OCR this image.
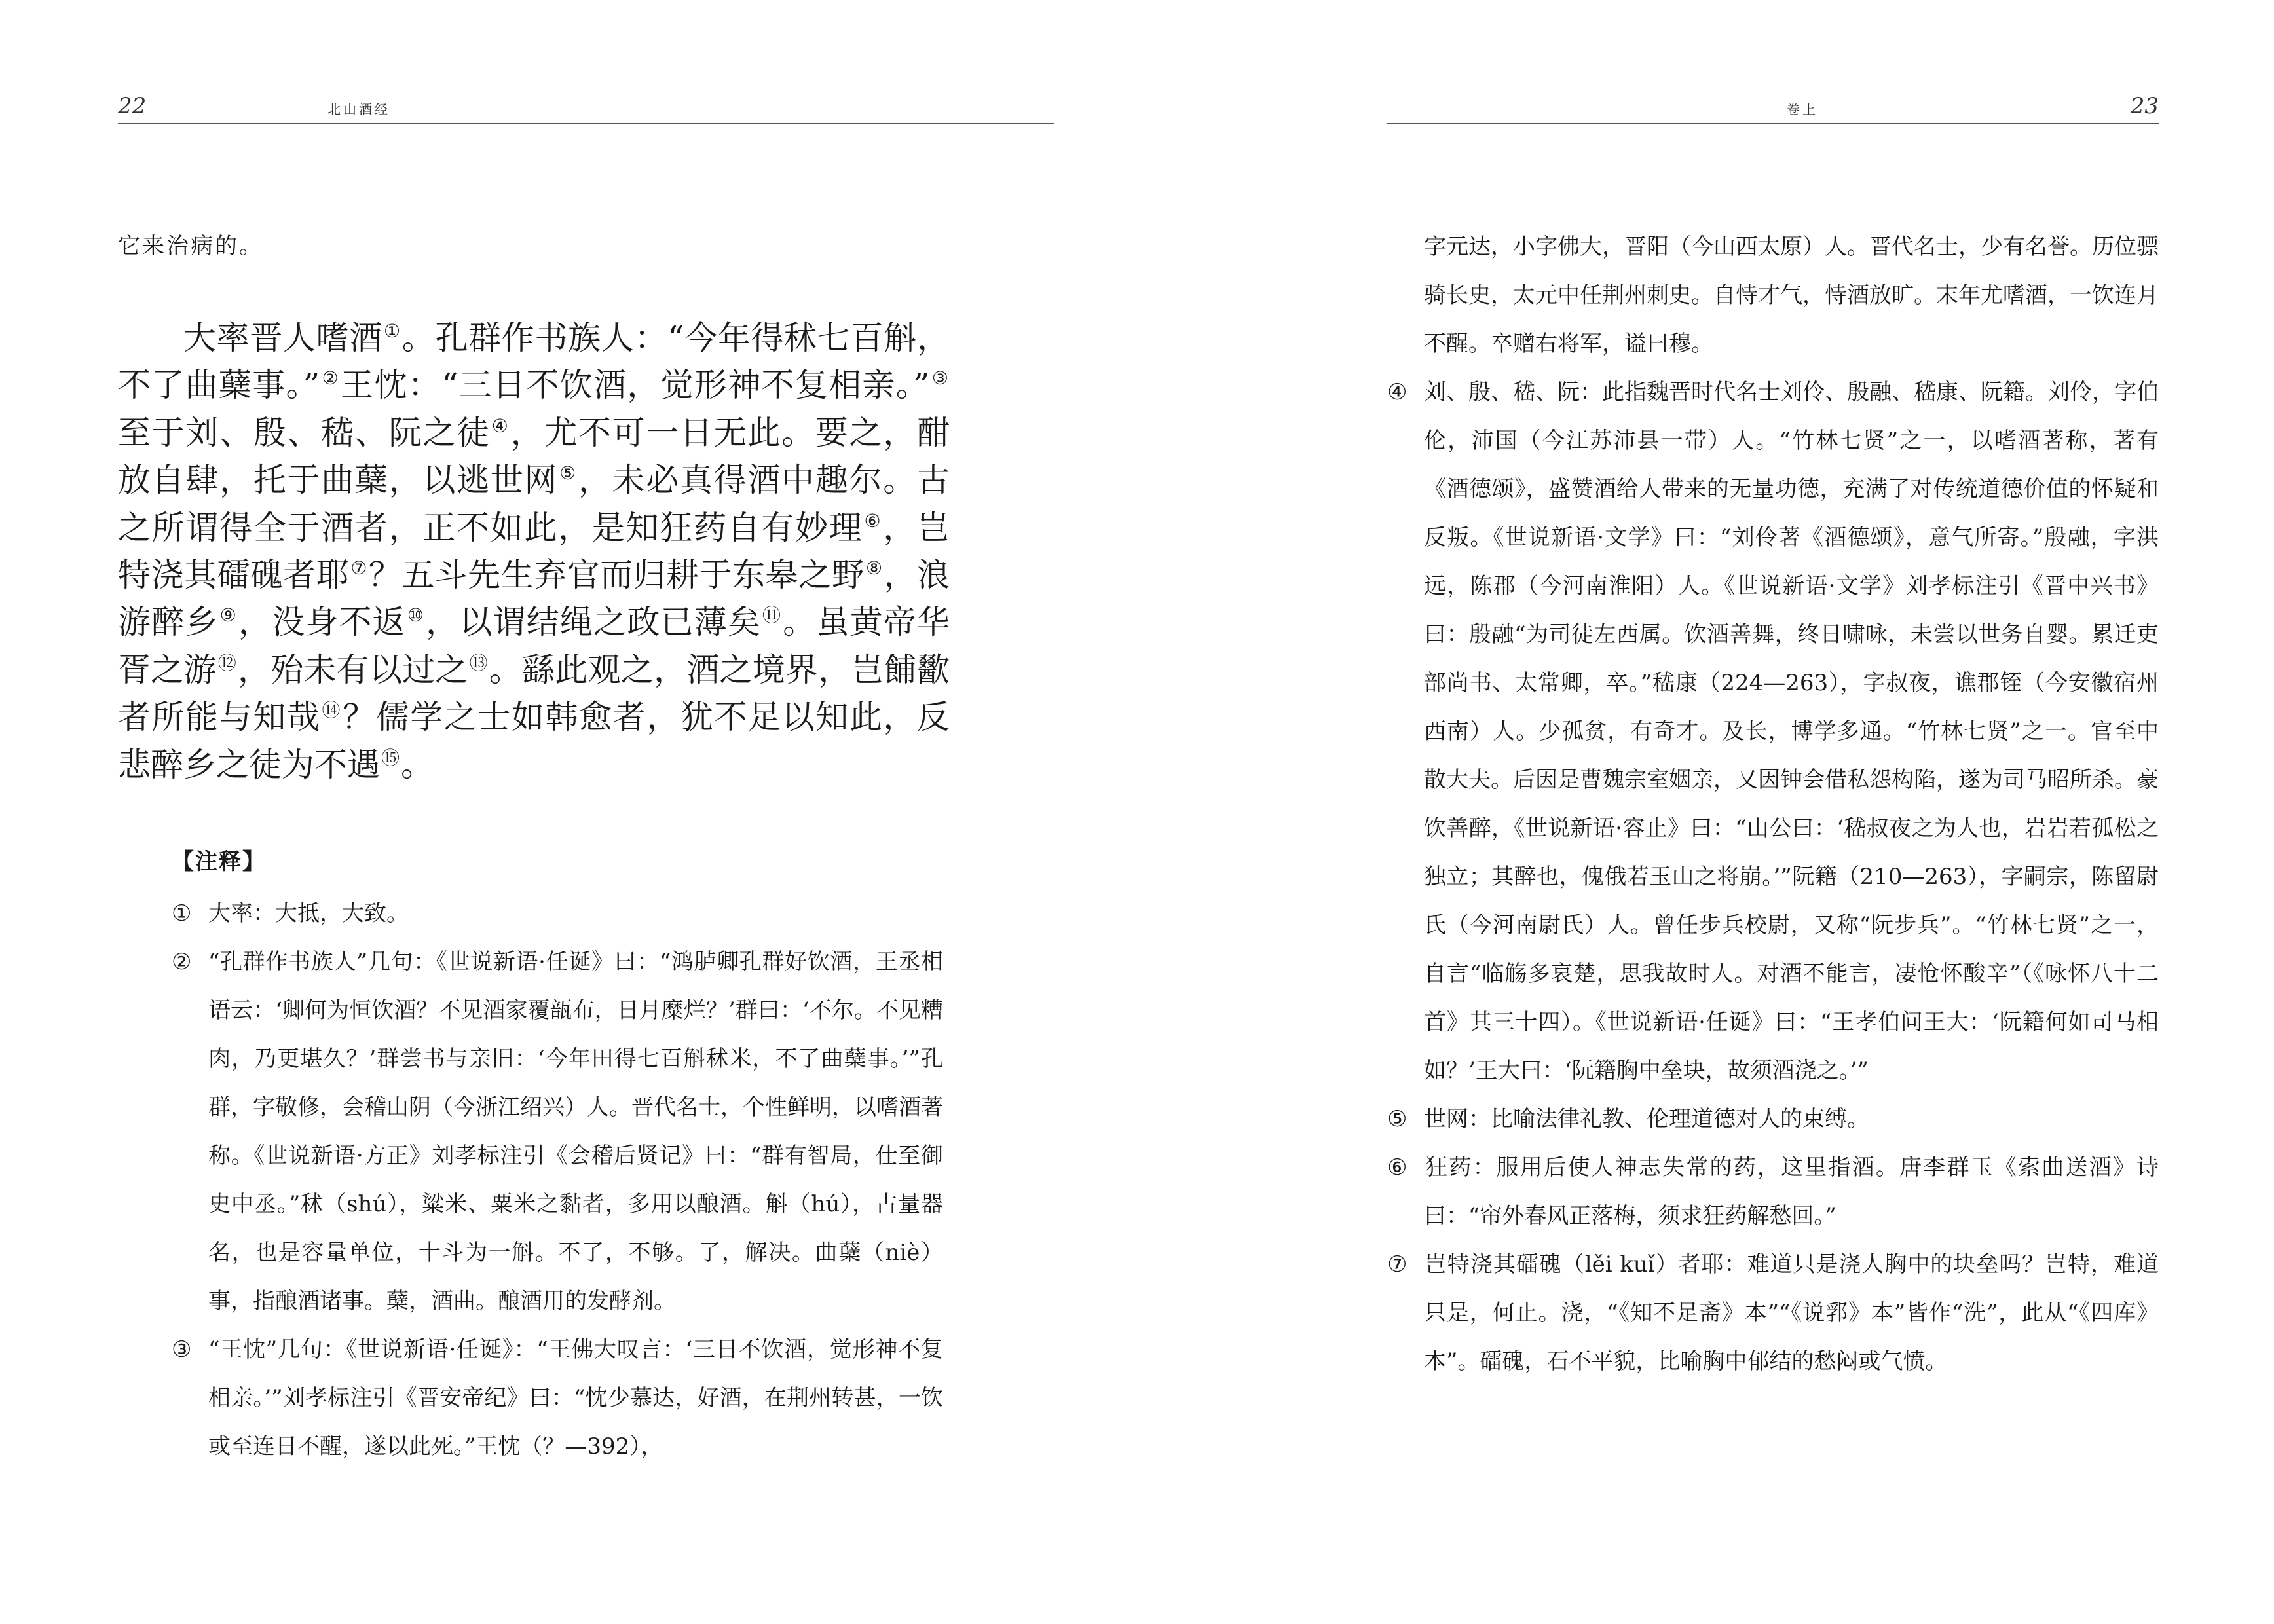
22	北山酒经
它来治病的。

大率晋人嗜酒①。孔群作书族人：“今年得秫七百斛，不了曲蘖事。”②王忱：“三日不饮酒，觉形神不复相亲。”③至于刘、殷、嵇、阮之徒④，尤不可一日无此。要之，酣放自肆，托于曲蘖，以逃世网⑤，未必真得酒中趣尔。古之所谓得全于酒者，正不如此，是知狂药自有妙理⑥，岂特浇其礌磈者耶⑦？五斗先生弃官而归耕于东皋之野⑧，浪游醉乡⑨，没身不返⑩，以谓结绳之政已薄矣⑪。虽黄帝华胥之游⑫，殆未有以过之⑬。繇此观之，酒之境界，岂餔歠者所能与知哉⑭？儒学之士如韩愈者，犹不足以知此，反悲醉乡之徒为不遇⑮。

【注释】
① 大率：大抵，大致。
② “孔群作书族人”几句：《世说新语·任诞》曰：“鸿胪卿孔群好饮酒，王丞相语云：‘卿何为恒饮酒？不见酒家覆瓿布，日月糜烂？’群曰：‘不尔。不见糟肉，乃更堪久？’群尝书与亲旧：‘今年田得七百斛秫米，不了曲蘖事。’”孔群，字敬修，会稽山阴（今浙江绍兴）人。晋代名士，个性鲜明，以嗜酒著称。《世说新语·方正》刘孝标注引《会稽后贤记》曰：“群有智局，仕至御史中丞。”秫（shú），粱米、粟米之黏者，多用以酿酒。斛（hú），古量器名，也是容量单位，十斗为一斛。不了，不够。了，解决。曲蘖（niè）事，指酿酒诸事。蘖，酒曲。酿酒用的发酵剂。
③ “王忱”几句：《世说新语·任诞》：“王佛大叹言：‘三日不饮酒，觉形神不复相亲。’”刘孝标注引《晋安帝纪》曰：“忱少慕达，好酒，在荆州转甚，一饮或至连日不醒，遂以此死。”王忱（？—392），
卷上	23
字元达，小字佛大，晋阳（今山西太原）人。晋代名士，少有名誉。历位骠骑长史，太元中任荆州刺史。自恃才气，恃酒放旷。末年尤嗜酒，一饮连月不醒。卒赠右将军，谥曰穆。
④ 刘、殷、嵇、阮：此指魏晋时代名士刘伶、殷融、嵇康、阮籍。刘伶，字伯伦，沛国（今江苏沛县一带）人。“竹林七贤”之一，以嗜酒著称，著有《酒德颂》，盛赞酒给人带来的无量功德，充满了对传统道德价值的怀疑和反叛。《世说新语·文学》曰：“刘伶著《酒德颂》，意气所寄。”殷融，字洪远，陈郡（今河南淮阳）人。《世说新语·文学》刘孝标注引《晋中兴书》曰：殷融“为司徒左西属。饮酒善舞，终日啸咏，未尝以世务自婴。累迁吏部尚书、太常卿，卒。”嵇康（224—263），字叔夜，谯郡铚（今安徽宿州西南）人。少孤贫，有奇才。及长，博学多通。“竹林七贤”之一。官至中散大夫。后因是曹魏宗室姻亲，又因钟会借私怨构陷，遂为司马昭所杀。豪饮善醉，《世说新语·容止》曰：“山公曰：‘嵇叔夜之为人也，岩岩若孤松之独立；其醉也，傀俄若玉山之将崩。’”阮籍（210—263），字嗣宗，陈留尉氏（今河南尉氏）人。曾任步兵校尉，又称“阮步兵”。“竹林七贤”之一，自言“临觞多哀楚，思我故时人。对酒不能言，凄怆怀酸辛”（《咏怀八十二首》其三十四）。《世说新语·任诞》曰：“王孝伯问王大：‘阮籍何如司马相如？’王大曰：‘阮籍胸中垒块，故须酒浇之。’”
⑤ 世网：比喻法律礼教、伦理道德对人的束缚。
⑥ 狂药：服用后使人神志失常的药，这里指酒。唐李群玉《索曲送酒》诗曰：“帘外春风正落梅，须求狂药解愁回。”
⑦ 岂特浇其礌磈（lěi kuǐ）者耶：难道只是浇人胸中的块垒吗？岂特，难道只是，何止。浇，“《知不足斋》本”“《说郛》本”皆作“洗”，此从“《四库》本”。礌磈，石不平貌，比喻胸中郁结的愁闷或气愤。
